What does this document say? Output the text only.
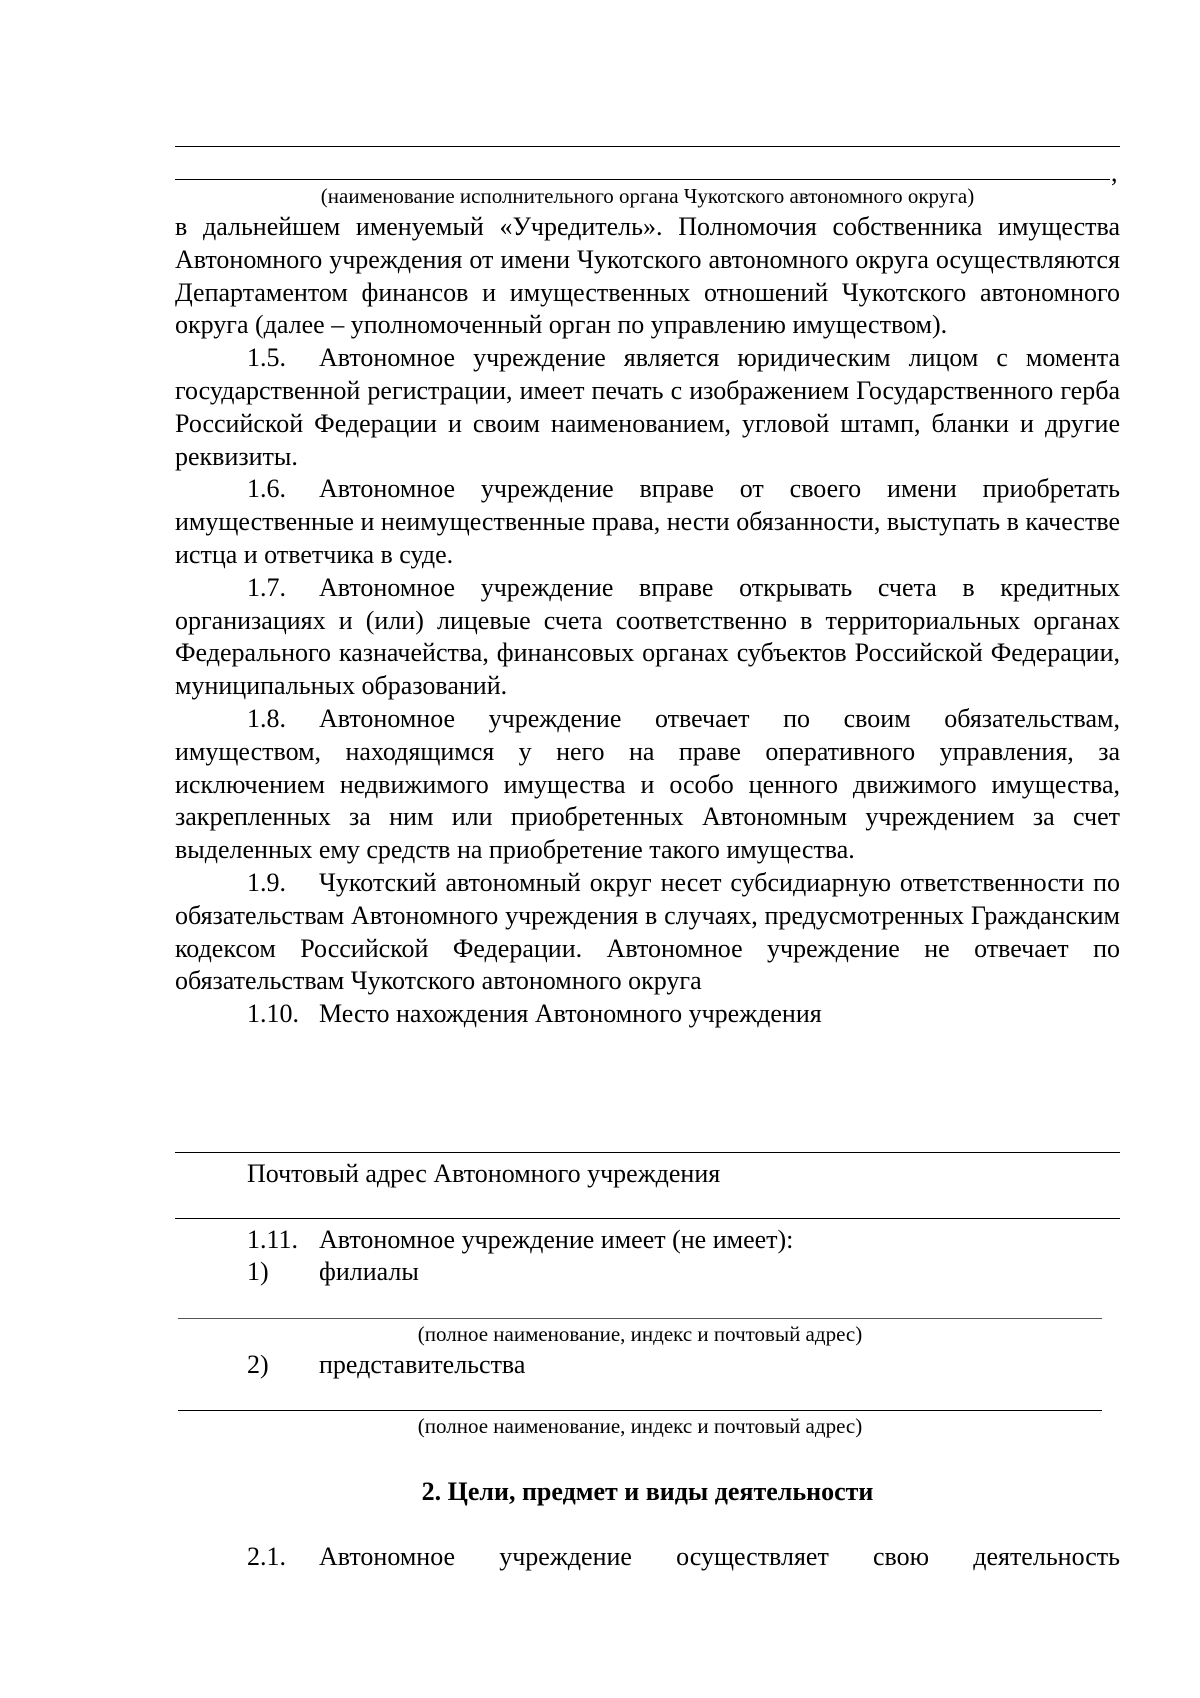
,
(наименование исполнительного органа Чукотского автономного округа)

в дальнейшем именуемый «Учредитель». Полномочия собственника имущества Автономного учреждения от имени Чукотского автономного округа осуществляются Департаментом финансов и имущественных отношений Чукотского автономного округа (далее – уполномоченный орган по управлению имуществом).

1.5. Автономное учреждение является юридическим лицом с момента государственной регистрации, имеет печать с изображением Государственного герба Российской Федерации и своим наименованием, угловой штамп, бланки и другие реквизиты.

1.6. Автономное учреждение вправе от своего имени приобретать имущественные и неимущественные права, нести обязанности, выступать в качестве истца и ответчика в суде.

1.7. Автономное учреждение вправе открывать счета в кредитных организациях и (или) лицевые счета соответственно в территориальных органах Федерального казначейства, финансовых органах субъектов Российской Федерации, муниципальных образований.

1.8. Автономное учреждение отвечает по своим обязательствам, имуществом, находящимся у него на праве оперативного управления, за исключением недвижимого имущества и особо ценного движимого имущества, закрепленных за ним или приобретенных Автономным учреждением за счет выделенных ему средств на приобретение такого имущества.

1.9. Чукотский автономный округ несет субсидиарную ответственности по обязательствам Автономного учреждения в случаях, предусмотренных Гражданским кодексом Российской Федерации. Автономное учреждение не отвечает по обязательствам Чукотского автономного округа

1.10. Место нахождения Автономного учреждения

Почтовый адрес Автономного учреждения
1.11. Автономное учреждение имеет (не имеет):
1) филиалы
(полное наименование, индекс и почтовый адрес)
2) представительства
(полное наименование, индекс и почтовый адрес)
2. Цели, предмет и виды деятельности
2.1. Автономное учреждение осуществляет свою деятельность
